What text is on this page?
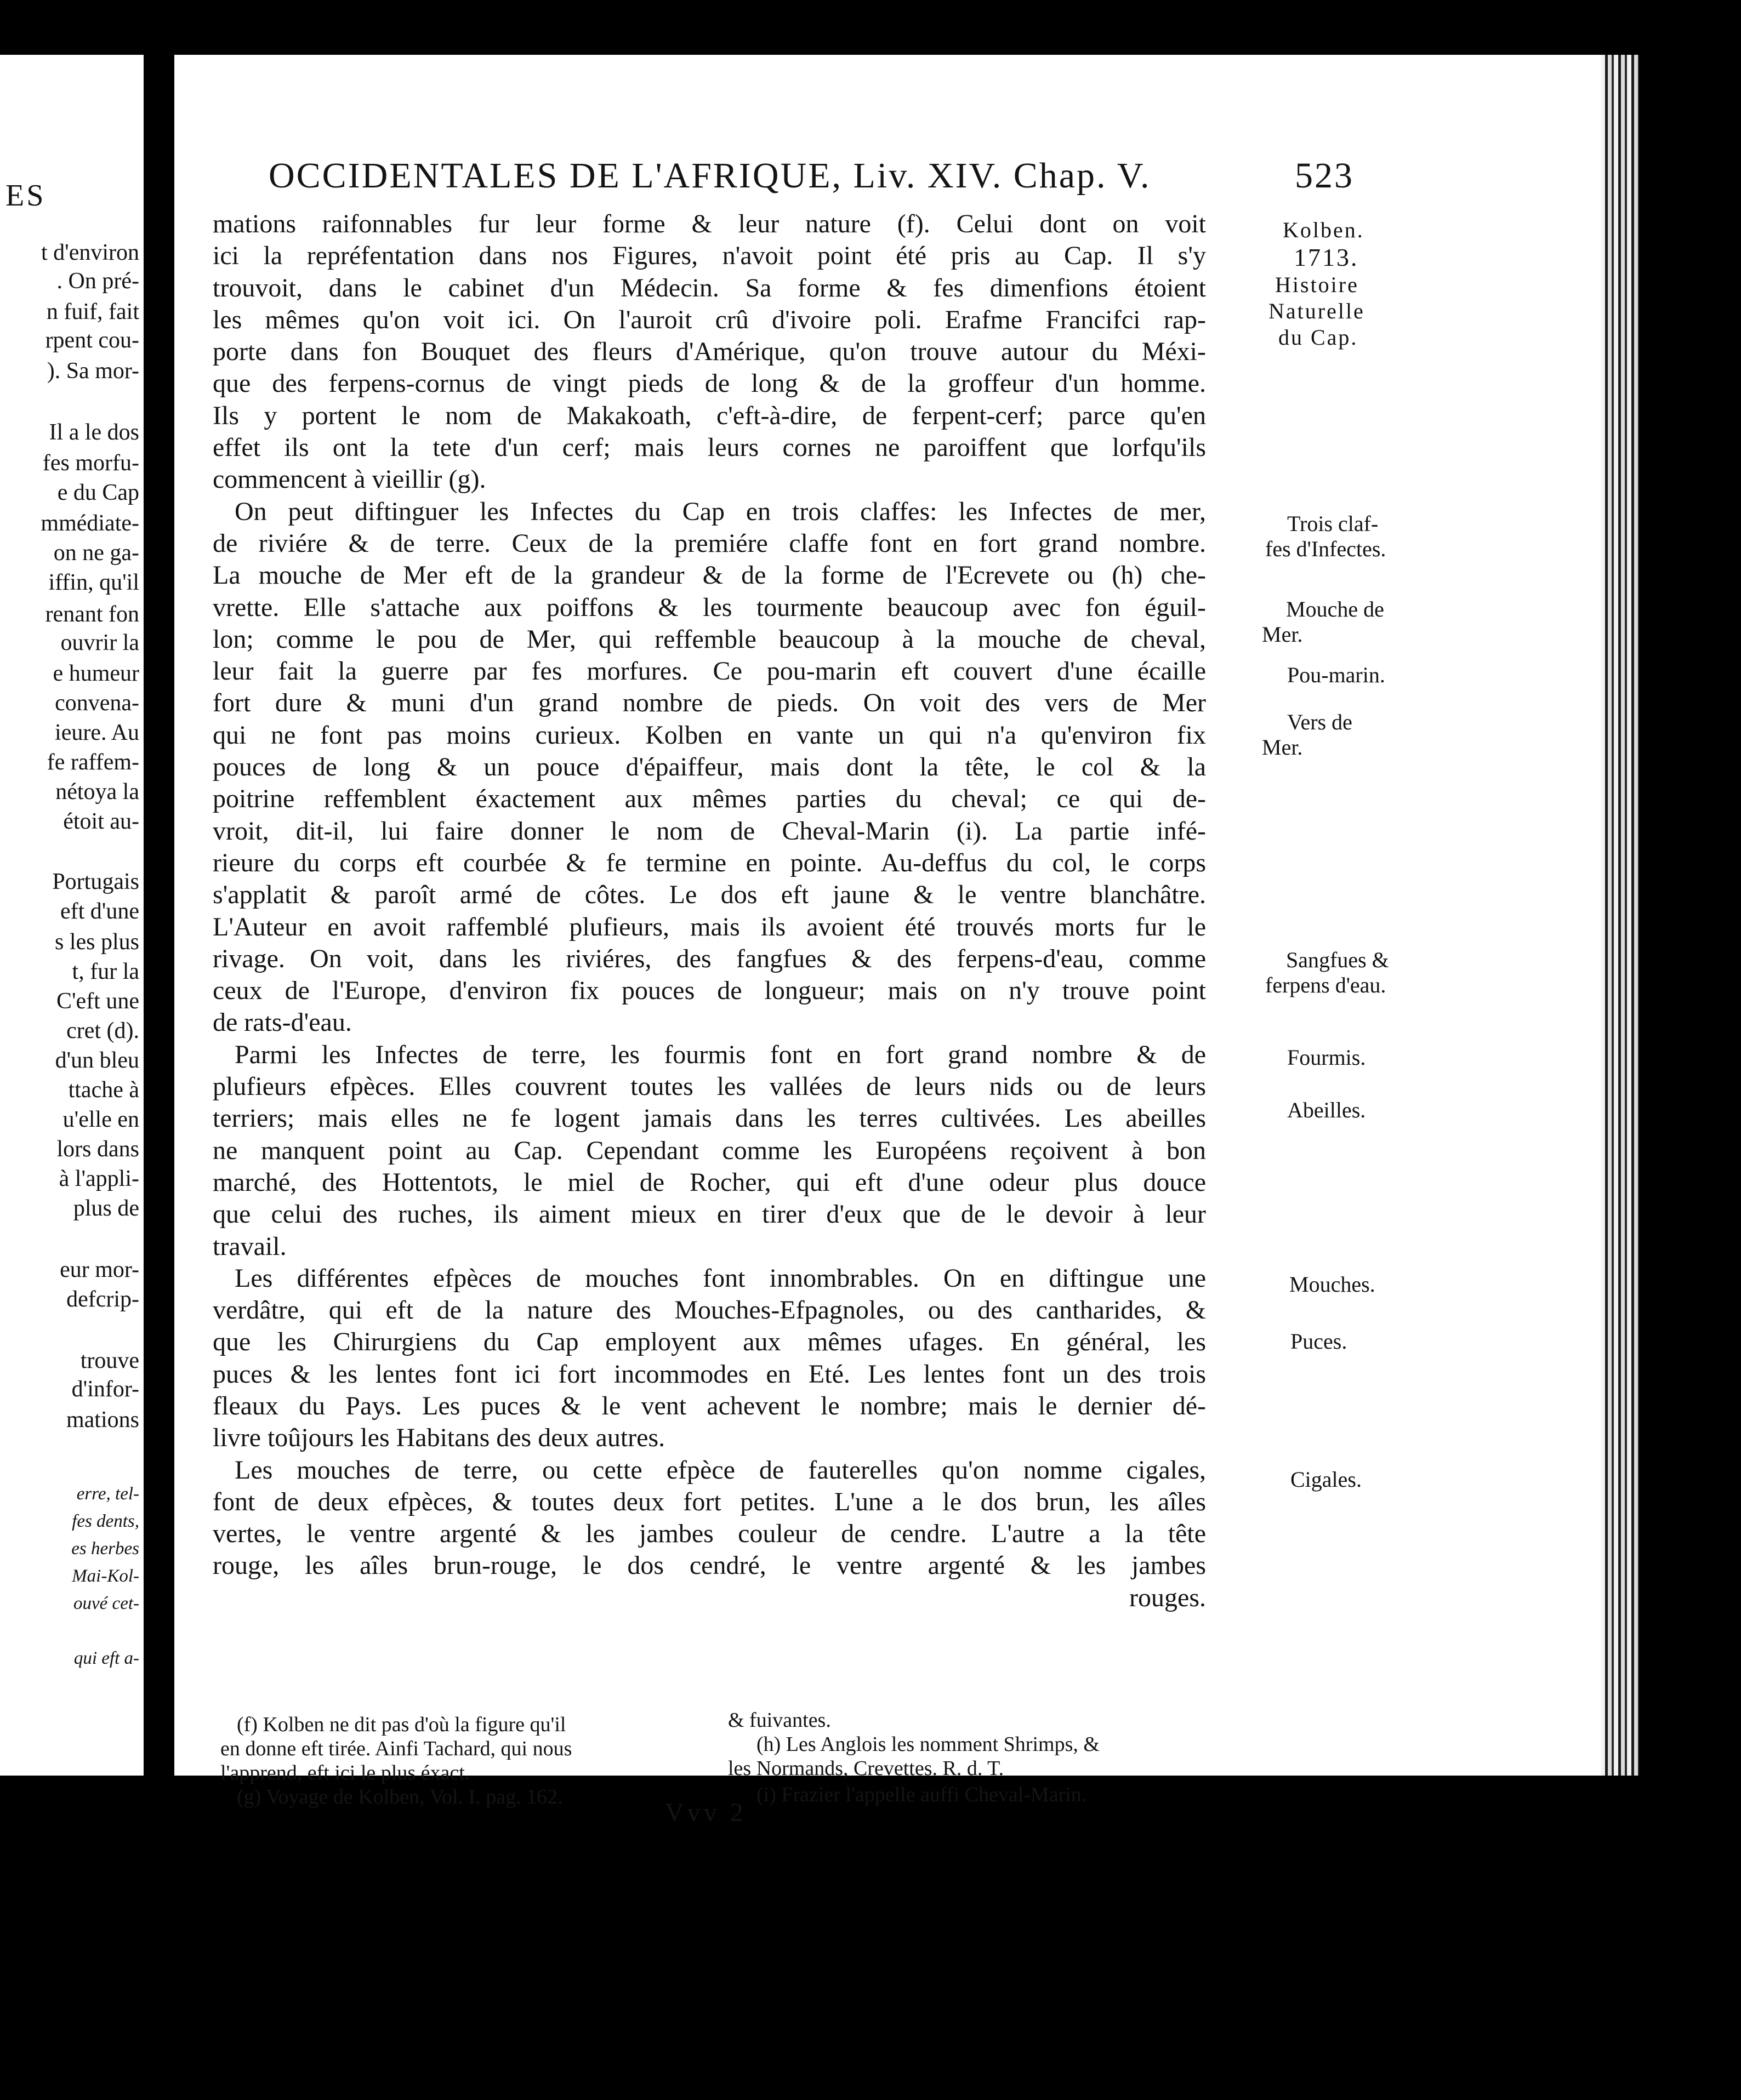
ES
t d'environ
. On pré-
n fuif, fait
rpent cou-
). Sa mor-
Il a le dos
fes morfu-
e du Cap
mmédiate-
on ne ga-
iffin, qu'il
renant fon
ouvrir la
e humeur
convena-
ieure. Au
fe raffem-
nétoya la
étoit au-
Portugais
eft d'une
s les plus
t, fur la
C'eft une
cret (d).
d'un bleu
ttache à
u'elle en
lors dans
à l'appli-
plus de
eur mor-
defcrip-
trouve
d'infor-
mations
erre, tel-
fes dents,
es herbes
Mai-Kol-
ouvé cet-
qui eft a-
OCCIDENTALES DE L'AFRIQUE, Liv. XIV. Chap. V.	523
mations raifonnables fur leur forme & leur nature (f). Celui dont on voit
ici la repréfentation dans nos Figures, n'avoit point été pris au Cap. Il s'y
trouvoit, dans le cabinet d'un Médecin. Sa forme & fes dimenfions étoient
les mêmes qu'on voit ici. On l'auroit crû d'ivoire poli. Erafme Francifci rap-
porte dans fon Bouquet des fleurs d'Amérique, qu'on trouve autour du Méxi-
que des ferpens-cornus de vingt pieds de long & de la groffeur d'un homme.
Ils y portent le nom de Makakoath, c'eft-à-dire, de ferpent-cerf; parce qu'en
effet ils ont la tete d'un cerf; mais leurs cornes ne paroiffent que lorfqu'ils
commencent à vieillir (g).
On peut diftinguer les Infectes du Cap en trois claffes: les Infectes de mer,
de riviére & de terre. Ceux de la premiére claffe font en fort grand nombre.
La mouche de Mer eft de la grandeur & de la forme de l'Ecrevete ou (h) che-
vrette. Elle s'attache aux poiffons & les tourmente beaucoup avec fon éguil-
lon; comme le pou de Mer, qui reffemble beaucoup à la mouche de cheval,
leur fait la guerre par fes morfures. Ce pou-marin eft couvert d'une écaille
fort dure & muni d'un grand nombre de pieds. On voit des vers de Mer
qui ne font pas moins curieux. Kolben en vante un qui n'a qu'environ fix
pouces de long & un pouce d'épaiffeur, mais dont la tête, le col & la
poitrine reffemblent éxactement aux mêmes parties du cheval; ce qui de-
vroit, dit-il, lui faire donner le nom de Cheval-Marin (i). La partie infé-
rieure du corps eft courbée & fe termine en pointe. Au-deffus du col, le corps
s'applatit & paroît armé de côtes. Le dos eft jaune & le ventre blanchâtre.
L'Auteur en avoit raffemblé plufieurs, mais ils avoient été trouvés morts fur le
rivage. On voit, dans les riviéres, des fangfues & des ferpens-d'eau, comme
ceux de l'Europe, d'environ fix pouces de longueur; mais on n'y trouve point
de rats-d'eau.
Parmi les Infectes de terre, les fourmis font en fort grand nombre & de
plufieurs efpèces. Elles couvrent toutes les vallées de leurs nids ou de leurs
terriers; mais elles ne fe logent jamais dans les terres cultivées. Les abeilles
ne manquent point au Cap. Cependant comme les Européens reçoivent à bon
marché, des Hottentots, le miel de Rocher, qui eft d'une odeur plus douce
que celui des ruches, ils aiment mieux en tirer d'eux que de le devoir à leur
travail.
Les différentes efpèces de mouches font innombrables. On en diftingue une
verdâtre, qui eft de la nature des Mouches-Efpagnoles, ou des cantharides, &
que les Chirurgiens du Cap employent aux mêmes ufages. En général, les
puces & les lentes font ici fort incommodes en Eté. Les lentes font un des trois
fleaux du Pays. Les puces & le vent achevent le nombre; mais le dernier dé-
livre toûjours les Habitans des deux autres.
Les mouches de terre, ou cette efpèce de fauterelles qu'on nomme cigales,
font de deux efpèces, & toutes deux fort petites. L'une a le dos brun, les aîles
vertes, le ventre argenté & les jambes couleur de cendre. L'autre a la tête
rouge, les aîles brun-rouge, le dos cendré, le ventre argenté & les jambes
rouges.
Kolben.
1713.
Histoire
Naturelle
du Cap.
Trois claf-
fes d'Infectes.
Mouche de
Mer.
Pou-marin.
Vers de
Mer.
Sangfues &
ferpens d'eau.
Fourmis.
Abeilles.
Mouches.
Puces.
Cigales.
(f) Kolben ne dit pas d'où la figure qu'il
en donne eft tirée. Ainfi Tachard, qui nous
l'apprend, eft ici le plus éxact.
(g) Voyage de Kolben, Vol. I. pag. 162.
& fuivantes.
(h) Les Anglois les nomment Shrimps, &
les Normands, Crevettes. R. d. T.
(i) Frazier l'appelle auffi Cheval-Marin.
Vvv 2
